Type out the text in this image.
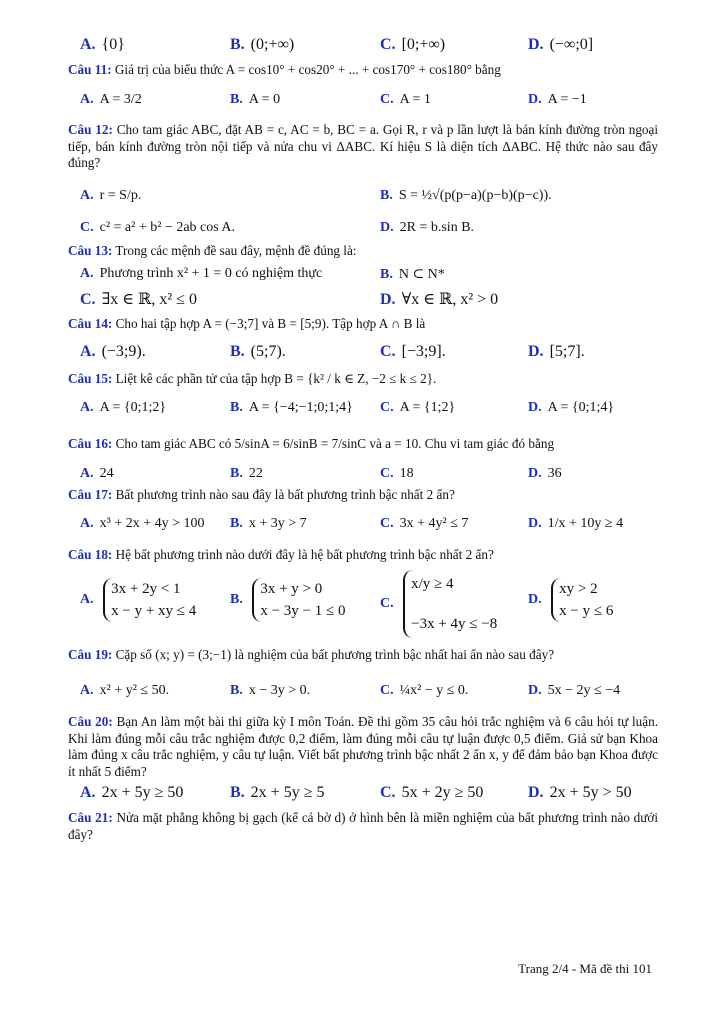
A. {0}	B. (0;+∞)	C. [0;+∞)	D. (−∞;0]
Câu 11: Giá trị của biểu thức A = cos10° + cos20° + ... + cos170° + cos180° bằng
A. A = 3/2	B. A = 0	C. A = 1	D. A = −1
Câu 12: Cho tam giác ABC, đặt AB = c, AC = b, BC = a. Gọi R, r và p lần lượt là bán kính đường tròn ngoại tiếp, bán kính đường tròn nội tiếp và nửa chu vi ΔABC. Kí hiệu S là diện tích ΔABC. Hệ thức nào sau đây đúng?
A. r = S/p.	B. S = ½√(p(p−a)(p−b)(p−c)).
C. c² = a² + b² − 2ab cos A.	D. 2R = b.sin B.
Câu 13: Trong các mệnh đề sau đây, mệnh đề đúng là:
A. Phương trình x² + 1 = 0 có nghiệm thực	B. N ⊂ N*
C. ∃x ∈ ℝ, x² ≤ 0	D. ∀x ∈ ℝ, x² > 0
Câu 14: Cho hai tập hợp A = (−3;7] và B = [5;9). Tập hợp A ∩ B là
A. (−3;9).	B. (5;7).	C. [−3;9].	D. [5;7].
Câu 15: Liệt kê các phần tử của tập hợp B = {k² / k ∈ Z, −2 ≤ k ≤ 2}.
A. A = {0;1;2}	B. A = {−4;−1;0;1;4} C. A = {1;2}	D. A = {0;1;4}
Câu 16: Cho tam giác ABC có 5/sinA = 6/sinB = 7/sinC và a = 10. Chu vi tam giác đó bằng
A. 24	B. 22	C. 18	D. 36
Câu 17: Bất phương trình nào sau đây là bất phương trình bậc nhất 2 ẩn?
A. x³ + 2x + 4y > 100 B. x + 3y > 7	C. 3x + 4y² ≤ 7	D. 1/x + 10y ≥ 4
Câu 18: Hệ bất phương trình nào dưới đây là hệ bất phương trình bậc nhất 2 ẩn?
A. 3x + 2y < 1
x − y + xy ≤ 4
B. 3x + y > 0
x − 3y − 1 ≤ 0 C. x/y ≥ 4

−3x + 4y ≤ −8
D. xy > 2
x − y ≤ 6
Câu 19: Cặp số (x; y) = (3;−1) là nghiệm của bất phương trình bậc nhất hai ẩn nào sau đây?
A. x² + y² ≤ 50.	B. x − 3y > 0.	C. ¼x² − y ≤ 0.	D. 5x − 2y ≤ −4
Câu 20: Bạn An làm một bài thi giữa kỳ I môn Toán. Đề thi gồm 35 câu hỏi trắc nghiệm và 6 câu hỏi tự luận. Khi làm đúng mỗi câu trắc nghiệm được 0,2 điểm, làm đúng mỗi câu tự luận được 0,5 điểm. Giả sử bạn Khoa làm đúng x câu trắc nghiệm, y câu tự luận. Viết bất phương trình bậc nhất 2 ẩn x, y để đảm bảo bạn Khoa được ít nhất 5 điểm?
A. 2x + 5y ≥ 50	B. 2x + 5y ≥ 5	C. 5x + 2y ≥ 50	D. 2x + 5y > 50
Câu 21: Nửa mặt phẳng không bị gạch (kể cả bờ d) ở hình bên là miền nghiệm của bất phương trình nào dưới đây?
Trang 2/4 - Mã đề thi 101
